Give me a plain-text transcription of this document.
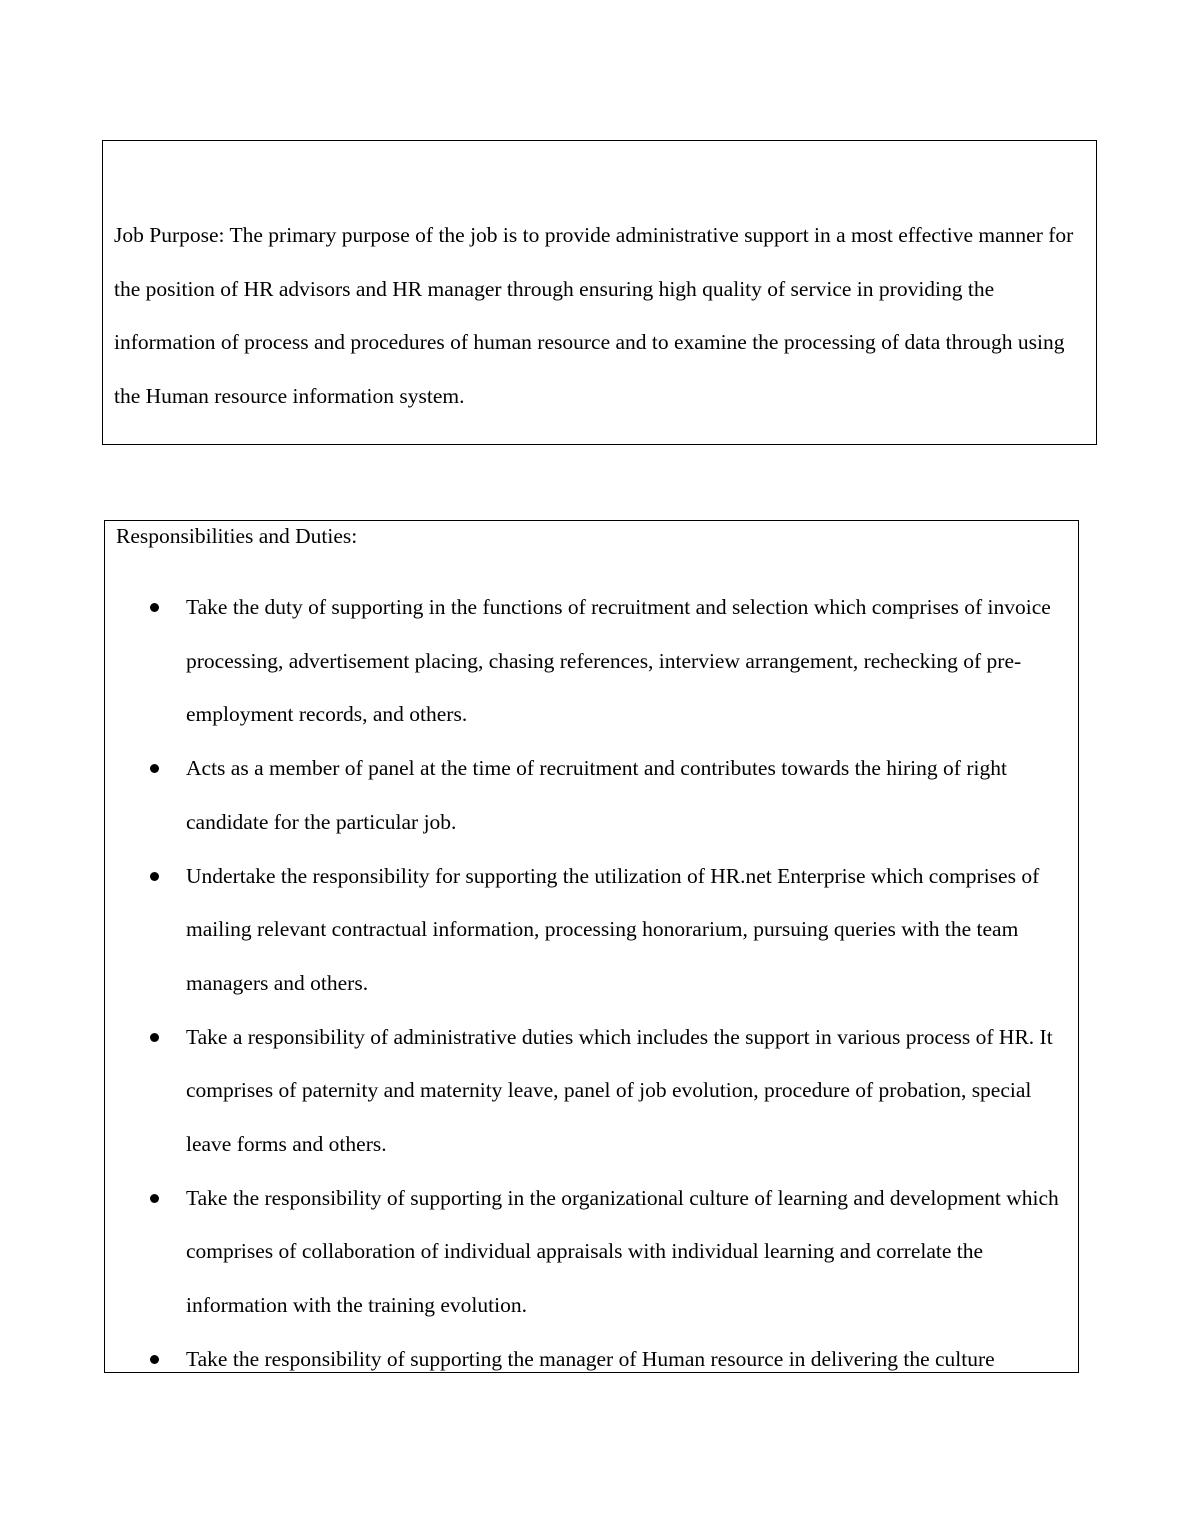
Job Purpose: The primary purpose of the job is to provide administrative support in a most effective manner for the position of HR advisors and HR manager through ensuring high quality of service in providing the information of process and procedures of human resource and to examine the processing of data through using the Human resource information system.

Responsibilities and Duties:

Take the duty of supporting in the functions of recruitment and selection which comprises of invoice processing, advertisement placing, chasing references, interview arrangement, rechecking of pre-employment records, and others.
Acts as a member of panel at the time of recruitment and contributes towards the hiring of right candidate for the particular job.
Undertake the responsibility for supporting the utilization of HR.net Enterprise which comprises of mailing relevant contractual information, processing honorarium, pursuing queries with the team managers and others.
Take a responsibility of administrative duties which includes the support in various process of HR. It comprises of paternity and maternity leave, panel of job evolution, procedure of probation, special leave forms and others.
Take the responsibility of supporting in the organizational culture of learning and development which comprises of collaboration of individual appraisals with individual learning and correlate the information with the training evolution.
Take the responsibility of supporting the manager of Human resource in delivering the culture
